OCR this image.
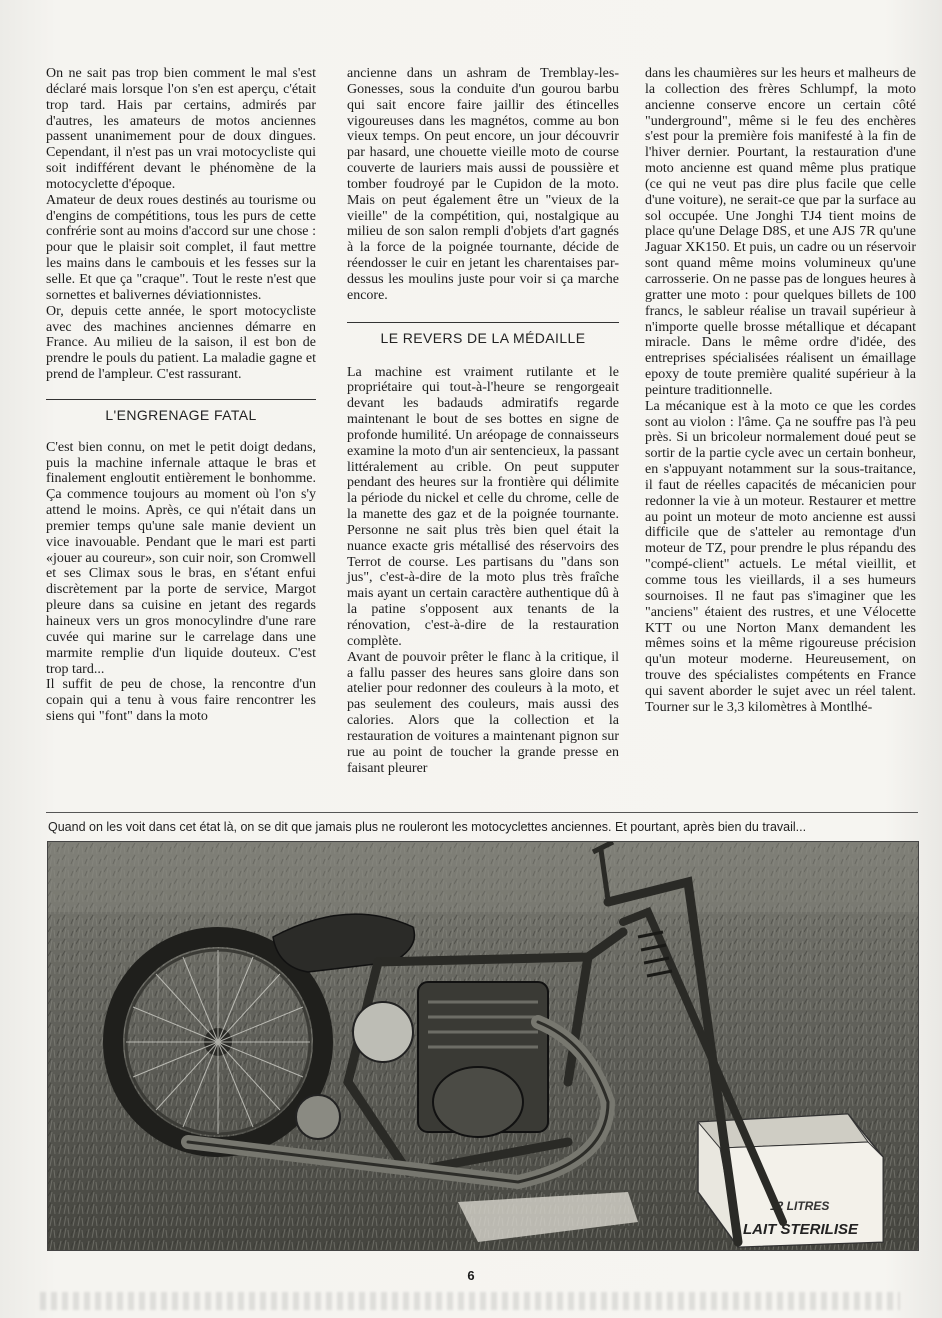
On ne sait pas trop bien comment le mal s'est déclaré mais lorsque l'on s'en est aperçu, c'était trop tard. Hais par certains, admirés par d'autres, les amateurs de motos anciennes passent unanimement pour de doux dingues. Cependant, il n'est pas un vrai motocycliste qui soit indifférent devant le phénomène de la motocyclette d'époque.

Amateur de deux roues destinés au tourisme ou d'engins de compétitions, tous les purs de cette confrérie sont au moins d'accord sur une chose : pour que le plaisir soit complet, il faut mettre les mains dans le cambouis et les fesses sur la selle. Et que ça "craque". Tout le reste n'est que sornettes et balivernes déviationnistes.

Or, depuis cette année, le sport motocycliste avec des machines anciennes démarre en France. Au milieu de la saison, il est bon de prendre le pouls du patient. La maladie gagne et prend de l'ampleur. C'est rassurant.

L'ENGRENAGE FATAL

C'est bien connu, on met le petit doigt dedans, puis la machine infernale attaque le bras et finalement engloutit entièrement le bonhomme. Ça commence toujours au moment où l'on s'y attend le moins. Après, ce qui n'était dans un premier temps qu'une sale manie devient un vice inavouable. Pendant que le mari est parti «jouer au coureur», son cuir noir, son Cromwell et ses Climax sous le bras, en s'étant enfui discrètement par la porte de service, Margot pleure dans sa cuisine en jetant des regards haineux vers un gros monocylindre d'une rare cuvée qui marine sur le carrelage dans une marmite remplie d'un liquide douteux. C'est trop tard...

Il suffit de peu de chose, la rencontre d'un copain qui a tenu à vous faire rencontrer les siens qui "font" dans la moto

ancienne dans un ashram de Tremblay-les-Gonesses, sous la conduite d'un gourou barbu qui sait encore faire jaillir des étincelles vigoureuses dans les magnétos, comme au bon vieux temps. On peut encore, un jour découvrir par hasard, une chouette vieille moto de course couverte de lauriers mais aussi de poussière et tomber foudroyé par le Cupidon de la moto. Mais on peut également être un "vieux de la vieille" de la compétition, qui, nostalgique au milieu de son salon rempli d'objets d'art gagnés à la force de la poignée tournante, décide de réendosser le cuir en jetant les charentaises par-dessus les moulins juste pour voir si ça marche encore.

LE REVERS DE LA MÉDAILLE

La machine est vraiment rutilante et le propriétaire qui tout-à-l'heure se rengorgeait devant les badauds admiratifs regarde maintenant le bout de ses bottes en signe de profonde humilité. Un aréopage de connaisseurs examine la moto d'un air sentencieux, la passant littéralement au crible. On peut supputer pendant des heures sur la frontière qui délimite la période du nickel et celle du chrome, celle de la manette des gaz et de la poignée tournante. Personne ne sait plus très bien quel était la nuance exacte gris métallisé des réservoirs des Terrot de course. Les partisans du "dans son jus", c'est-à-dire de la moto plus très fraîche mais ayant un certain caractère authentique dû à la patine s'opposent aux tenants de la rénovation, c'est-à-dire de la restauration complète.

Avant de pouvoir prêter le flanc à la critique, il a fallu passer des heures sans gloire dans son atelier pour redonner des couleurs à la moto, et pas seulement des couleurs, mais aussi des calories. Alors que la collection et la restauration de voitures a maintenant pignon sur rue au point de toucher la grande presse en faisant pleurer

dans les chaumières sur les heurs et malheurs de la collection des frères Schlumpf, la moto ancienne conserve encore un certain côté "underground", même si le feu des enchères s'est pour la première fois manifesté à la fin de l'hiver dernier. Pourtant, la restauration d'une moto ancienne est quand même plus pratique (ce qui ne veut pas dire plus facile que celle d'une voiture), ne serait-ce que par la surface au sol occupée. Une Jonghi TJ4 tient moins de place qu'une Delage D8S, et une AJS 7R qu'une Jaguar XK150. Et puis, un cadre ou un réservoir sont quand même moins volumineux qu'une carrosserie. On ne passe pas de longues heures à gratter une moto : pour quelques billets de 100 francs, le sableur réalise un travail supérieur à n'importe quelle brosse métallique et décapant miracle. Dans le même ordre d'idée, des entreprises spécialisées réalisent un émaillage epoxy de toute première qualité supérieur à la peinture traditionnelle.

La mécanique est à la moto ce que les cordes sont au violon : l'âme. Ça ne souffre pas l'à peu près. Si un bricoleur normalement doué peut se sortir de la partie cycle avec un certain bonheur, en s'appuyant notamment sur la sous-traitance, il faut de réelles capacités de mécanicien pour redonner la vie à un moteur. Restaurer et mettre au point un moteur de moto ancienne est aussi difficile que de s'atteler au remontage d'un moteur de TZ, pour prendre le plus répandu des "compé-client" actuels. Le métal vieillit, et comme tous les vieillards, il a ses humeurs sournoises. Il ne faut pas s'imaginer que les "anciens" étaient des rustres, et une Vélocette KTT ou une Norton Manx demandent les mêmes soins et la même rigoureuse précision qu'un moteur moderne. Heureusement, on trouve des spécialistes compétents en France qui savent aborder le sujet avec un réel talent. Tourner sur le 3,3 kilomètres à Montlhé-

Quand on les voit dans cet état là, on se dit que jamais plus ne rouleront les motocyclettes anciennes. Et pourtant, après bien du travail...
12 LITRES
LAIT STERILISE
6
